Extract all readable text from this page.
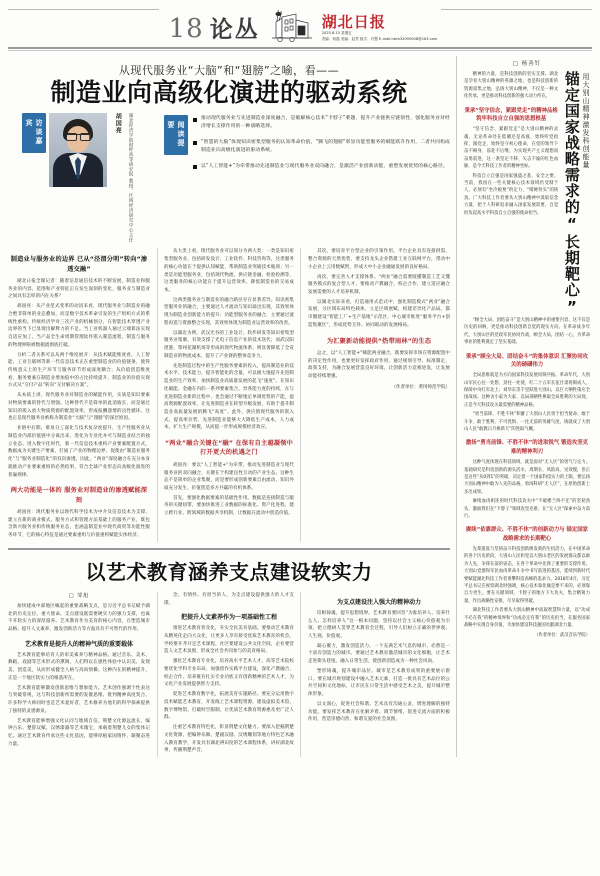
18 论丛	湖北日报
2025.8.15 星期五
责编：何磊 美编：赵君 版式：许慧 E-mail:hbrb32095008@163.com
从现代服务业“大脑”和“翅膀”之喻，看——
制造业向高级化演进的驱动系统
访谈嘉宾	胡国亮	湖北经济学院财经高等研究院 教授、区域经济研究中心主任	阅读提要
推动现代服务业与先进制造业深度融合，是破解核心技术“卡脖子”难题、提升产业链供应链韧性、强化服务业对经济增长支撑作用的一种战略选择。
“智慧的大脑”体现知识密集型服务的认知革命价值，“腾飞的翅膀”彰显功能型服务的赋能跃升作用，二者共同构成制造业向高级化演进的驱动系统。
以“人工智能+”为牵带推动先进制造业与现代服务业双向融合，是激活产业创新动能、重塑发展优势的核心路径。
制造业与服务业的边界 已从“泾渭分明”转向“渗透交融”

湖北日报全媒记者：随着信息通信技术的不断发展，制造业和服务业的内容、范围和产业特征正在发生深刻的变化，服务业与制造业之间具有怎样的内在关系？

胡国亮：从产业范式变革的动因来看，现代服务业与制造业的融合绝非简单的业态叠加，而是数字技术革命引发的生产组织方式的系统性重构。传统经济学对三次产业的机械划分，在智能技术穿透产业边界的当下已显现出解释力的不足。当工业机器人通过云端算法实现自适应加工，当产品全生命周期管理软件嵌入制造流程，制造与服务的物理界限被数据流彻底打破。

分析二者关系可以从两个维度展开：从技术赋能维度看，人工智能、工业互联网等新一代信息技术正在重塑制造业的价值链条，使得传统意义上的生产环节与服务环节形成深度耦合；从价值创造维度看，服务要素在制造业增加值中的占比持续提升，制造业的价值实现方式从“交付产品”转向“交付解决方案”。

从本质上讲，现代服务业对制造业的赋能作用，实质是知识要素对物质要素的替代与增强。这种替代不是简单的此消彼长，而是通过知识的嵌入放大物质资源的配置效率，形成报酬递增的良性循环。这也正是现代服务业被称为制造业“大脑”与“翅膀”的深层原因。

业链中后期，难易分工深化与技术复杂度提升，生产性服务业从制造业内部价值链中分离出来，进化为专业化并可与制造业结合的独立业态。进入数字化时代，新一代信息技术重构产业要素配置方式，数据成为关键生产要素，打通了产业的物理边界，促使由“制造业服务化”与“服务业制造化”的双向渗透。因此，“两业”深度融合在充分本身就推动产业要素重组的必然结果，符合全球产业形态向高级化演进的普遍规律。

两大功能是一体的 服务业对制造业的渗透赋能深刻

胡国亮：现代服务业以现代科学技术为中介及信息技术为支撑，建立在新的商业模式、服务方式和管理方法基础上的服务产业，既包含新兴服务业和传统服务业态，也涵盖制造业中现代商贸等功能性服务环节，它的核心特征是通过要素重组与价值重构赋能实体经济。

从大类上看，现代服务业可以划分为两大类：一类是知识密集型服务业，包括研发设计、工业软件、科技咨询等，这类服务的核心功能在于提供认知赋能，帮助制造业突破技术瓶颈；另一类是功能型服务业，包括现代物流、供应链金融、检验检测等，这类服务的核心功能在于提升运营效率，降低制造业的交易成本。

这两类服务业与制造业的融合路径存在显著差异。知识密集型服务业的融合，主要通过人才流动与知识溢出实现，其效果体现为制造业创新能力的提升；功能型服务业的融合，主要通过流程再造与资源整合实现，其效果体现为制造业运营效率的改善。

以湖北为例，武汉光谷的工业设计、软件研发等知识密集型服务业集聚，有效支撑了光电子信息产业的技术迭代；而武汉阳逻港、鄂州花湖机场等形成的现代物流体系，则显著降低了全省制造业的物流成本，提升了产业链的整体竞争力。

先进制造过程中的生产性服务要素的投入，提高制造业的技术水平、技术能力，提升智能化的含量，可以极大地提升先进制造业的生产效率，加快制造业高质量发展的起飞“速度”。在知识化赋能、金融在内的一系列要素集合、异各能力度的持续，在与先进制造业新的过程中，也会通过不断地定单调优势的产能，提高资源配置效率，让先进制造业在转型升级发展，有助于提升制造业高质量发展的腾飞“高度”。此外，供应链现代服务的嵌入式，提高率位势，先进制造业能够大大降低生产成本，人力成本，扩大生产规模，从而提一步形成规模经济效应。

“两业”融合关键在“融” 在保有自主越凝领中打开更大的机遇之门

胡国亮：要以“人工智能+”为牵带，推动先进制造业与现代服务业的双向融合，关键在于构建良性互动的产业生态。这种生态不是简单的企业集聚，而是要形成创新要素自由流动、知识外溢充分发生、价值创造多方共赢的有机体系。

首先，要强化数据要素的基础性作用。数据是连接制造与服务的关键纽带，要加快推进工业数据的标准化、资产化进程，建立跨行业、跨领域的数据共享机制，让数据在流动中创造价值。

其次，要培育平台型企业的引领作用。平台企业具有连接供需、整合资源的天然优势，要支持龙头企业搭建工业互联网平台，带动中小企业上云用数赋智，形成大中小企业融通发展的良好格局。

再次，要完善人才支撑体系。“两业”融合需要既懂制造工艺又懂服务模式的复合型人才，要推动产教融合、校企合作，建立适应融合发展需要的人才培养机制。

以湖北实际来看，打造通用式范式中，强化制造模式“两业”融合发展，分区域布局特色载体，立足区域禀赋，构建差异化产品局。都市圈建设“智能工厂+生产基地”示范区，中心城市推进“服务平台+创造集聚区”，形成优势互补、协同联动的发展格局。

为汇聚新动能提供“热带雨林”的生态

总之，以“人工智能+”赋能两业融合，既要发挥市场在资源配置中的决定性作用，也要更好发挥政府作用，通过规划引导、标准制定、政策支持，为融合发展营造良好环境，让创新活力竞相迸发，让发展动能持续增强。

（作者单位：黄冈师范学院）
以艺术教育涵养支点建设软实力
□ 邹旭

加快建成中部地区崛起的重要战略支点，是习近平总书记赋予湖北的历史定位、重大使命。支点建设既需要硬实力的强力支撑，也离不开软实力的深厚滋养。艺术教育作为美育的核心内容，在塑造城市品格、提升人文素养、激发创新活力等方面具有不可替代的作用。

艺术教育是提升人的精神气质的重要载体

艺术教育能够培育人的审美素养与精神品格。通过音乐、美术、舞蹈、戏剧等艺术形式的熏陶，人们得以在感性体验中认识美、发现美、创造美，从而形成健全人格与高尚情操。这种内在的精神提升，正是一个地区软实力的根基所在。

艺术教育能够激发创新思维与想象能力。艺术创作强调个性表达与突破常规，这与科技创新所需要的发散思维、批判精神高度契合。许多科学大师同时也是艺术爱好者，艺术修养为他们的科学探索提供了独特的灵感源泉。

艺术教育能够增强文化认同与地域自信。荆楚文化源远流长，编钟古乐、楚辞汉赋、汉绣漆器等艺术瑰宝，承载着荆楚儿女的集体记忆。通过艺术教育传承这些文化基因，能够厚植家国情怀，凝聚奋进力量。

念、有情怀、有担当的人，为支点建设提供强大的人才支撑。

把提升人文素养作为一项基础性工程

推进艺术教育普及化，夯实全民美育基础。要推动艺术教育从精英化走向大众化，让更多人享有接受优质艺术教育的机会。学校要开齐开足艺术课程，社区要建设公共文化空间，企业要营造人文艺术氛围，形成全社会共同参与的美育格局。

强化艺术教育专业化，培养高水平艺术人才。高等艺术院校要优化学科专业布局，加强创作实践平台建设，深化产教融合、校企合作，培养既有扎实专业功底又有创新精神的艺术人才，为文化产业发展提供智力支持。

促进艺术教育数字化，拓展美育实施路径。要充分运用数字技术赋能艺术教育，开发线上艺术课程资源，建设虚拟美术馆、数字博物馆，打破时空限制，让优质艺术教育资源惠及更广泛人群。

注重艺术教育特色化，彰显荆楚文化魅力。要深入挖掘荆楚文化资源，把编钟乐舞、楚剧汉剧、汉绣雕刻等地方特色艺术融入教育教学，开发具有湖北辨识度的艺术课程体系，讲好湖北故事，传播荆楚声音。

为支点建设注入强大的精神动力

培根铸魂，提升思想境界。艺术教育要回答“为谁培养人、培养什么人、怎样培养人”这一根本问题，坚持以社会主义核心价值观为引领，把立德树人贯穿艺术教育全过程，引导人们树立正确的世界观、人生观、价值观。

凝心聚力，激发创造活力。一个充满艺术气息的城市，必然是一个富有创造力的城市。要通过艺术教育激活城市的文化细胞，让艺术走进街头巷尾、融入日常生活，使创新创造成为一种社会风尚。

塑形铸魂，提升城市品位。城市是艺术教育成果的重要展示窗口。要在城市规划建设中融入艺术元素，打造一批具有艺术品位的公共空间和文化地标，让市民在日常生活中感受艺术之美，提升城市整体形象。

以文润心，促进社会和谐。艺术具有沟通心灵、增进理解的独特功能。要发挥艺术教育在化解矛盾、调节情绪、促进交流方面的积极作用，营造崇德向善、和谐友爱的社会氛围。

□ 杨善钉

精神的力量，是科技创新的坚实支撑。湖北是孕育大别山精神的英雄之地，也是科技创新的资源富集之地，弘扬大别山精神，不仅是一种文化传承，更是推动科技创新的强大动力所在。

秉承“坚守信念，紧跟党走”的精神品格 筑牢科技自立自强的思想根基

“坚守信念、紧跟党走”是大别山精神的灵魂，无论革命处在低潮还是高涨，始终听党指挥、跟党走，始终坚守初心使命，在党的领导下奋不顾身、前赴不后继，为实现共产主义理想而奋勇前进，这一条坚定不移、矢志不渝的红色血脉，是今天科技工作者的精神坐标。

科技自立自强是国家强盛之基、安全之要。当前，我国在一些关键核心技术领域仍受制于人，必须有“坐冷板凳”的定力、“啃硬骨头”的韧劲。广大科技工作者要从大别山精神中汲取信念力量，把个人科研追求融入国家发展需要，自觉担负起高水平科技自立自强的使命担当。	锚定国家战略需求的“长期靶心” 用大别山精神激发科创能量

“顾全大局、团结奋斗”是大别山精神中的重要内容，这不仅是历史的回响，更是推动科技创新自觉的现实方向。在革命战争年代，大别山区的党政军民协同作战，顾全大局，团结一心，为革命事业的胜利奠定了坚实基础。

秉承“顾全大局、团结奋斗”的集体意识 汇聚协同攻关的磅礴伟力

全局思维就是为方向国家科技发展同频共振。革命年代，大别山军民心往一处想、劲往一处使，红二十五军长征甘肃将制成人，保障中央红军北上；刘华东等千里跃进大别山，以巨大牺牲策应全国战场。这种舍小家为大家、以局部牺牲换取全局胜利的大局观，正是今天科技攻关最需要的精神品格。

“勇当前锋、不胜不休”积蓄了大别山人民勇于担当使命、敢于斗争、敢于胜利、不可畏惧、一往无前的英雄气度，铸就成了大别山人民“敢教日月换新天”的进取气概。

激扬“勇当前锋、不胜不休”的进取锐气 锻造攻坚克难的精神利刃

这种气度体现在科技领域，就是面对“无人区”的勇气与定力。基础研究是科技创新的源头活水，周期长、风险高、见效慢，但正是这些“从0到1”的突破，决定着一个国家科技实力的上限。要弘扬大别山精神中敢为人先的品格，勇闯科研“无人区”，在原始创新上多出成果。

赓续血肉相连的时代科技攻关中“不破楼兰终不还”的坚韧劲头，激励我们在“卡脖子”领域攻坚克难，在“无人区”探索中奋力前行。

赓续“依靠群众、不胜不休”的创新动力与 锚定国家战略需求的长期靶心

先辈遗汲与坚韧奋斗科技创新焕发新的生机活力，在中国革命的各个历史阶段，大别山人民和党以大别山老区的发展群众都以敢为人先、争锋在前的姿态，在各个革命中先锋了重要的支撑作用。大别山党群和军民血肉革命斗争中书写前进的基因，延续到新时代要赋能湖北科技工作者勇攀科技高峰的追求力。2018年4月，习近平总书记在视察湖北时强调，核心技术靠化缘是要不来的，必须靠自力更生。要在关键领域、卡脖子的地方下大功夫，集合精锐力量，作出战略性安排，尽早取得突破。

湖北科技工作者要从大别山精神中汲取智慧和力量，以“功成不必在我”的精神境界和“功成必定有我”的历史担当，在服务国家战略中实现自身价值，为加快建设科技强国贡献湖北力量。

（作者单位：武汉音乐学院）
